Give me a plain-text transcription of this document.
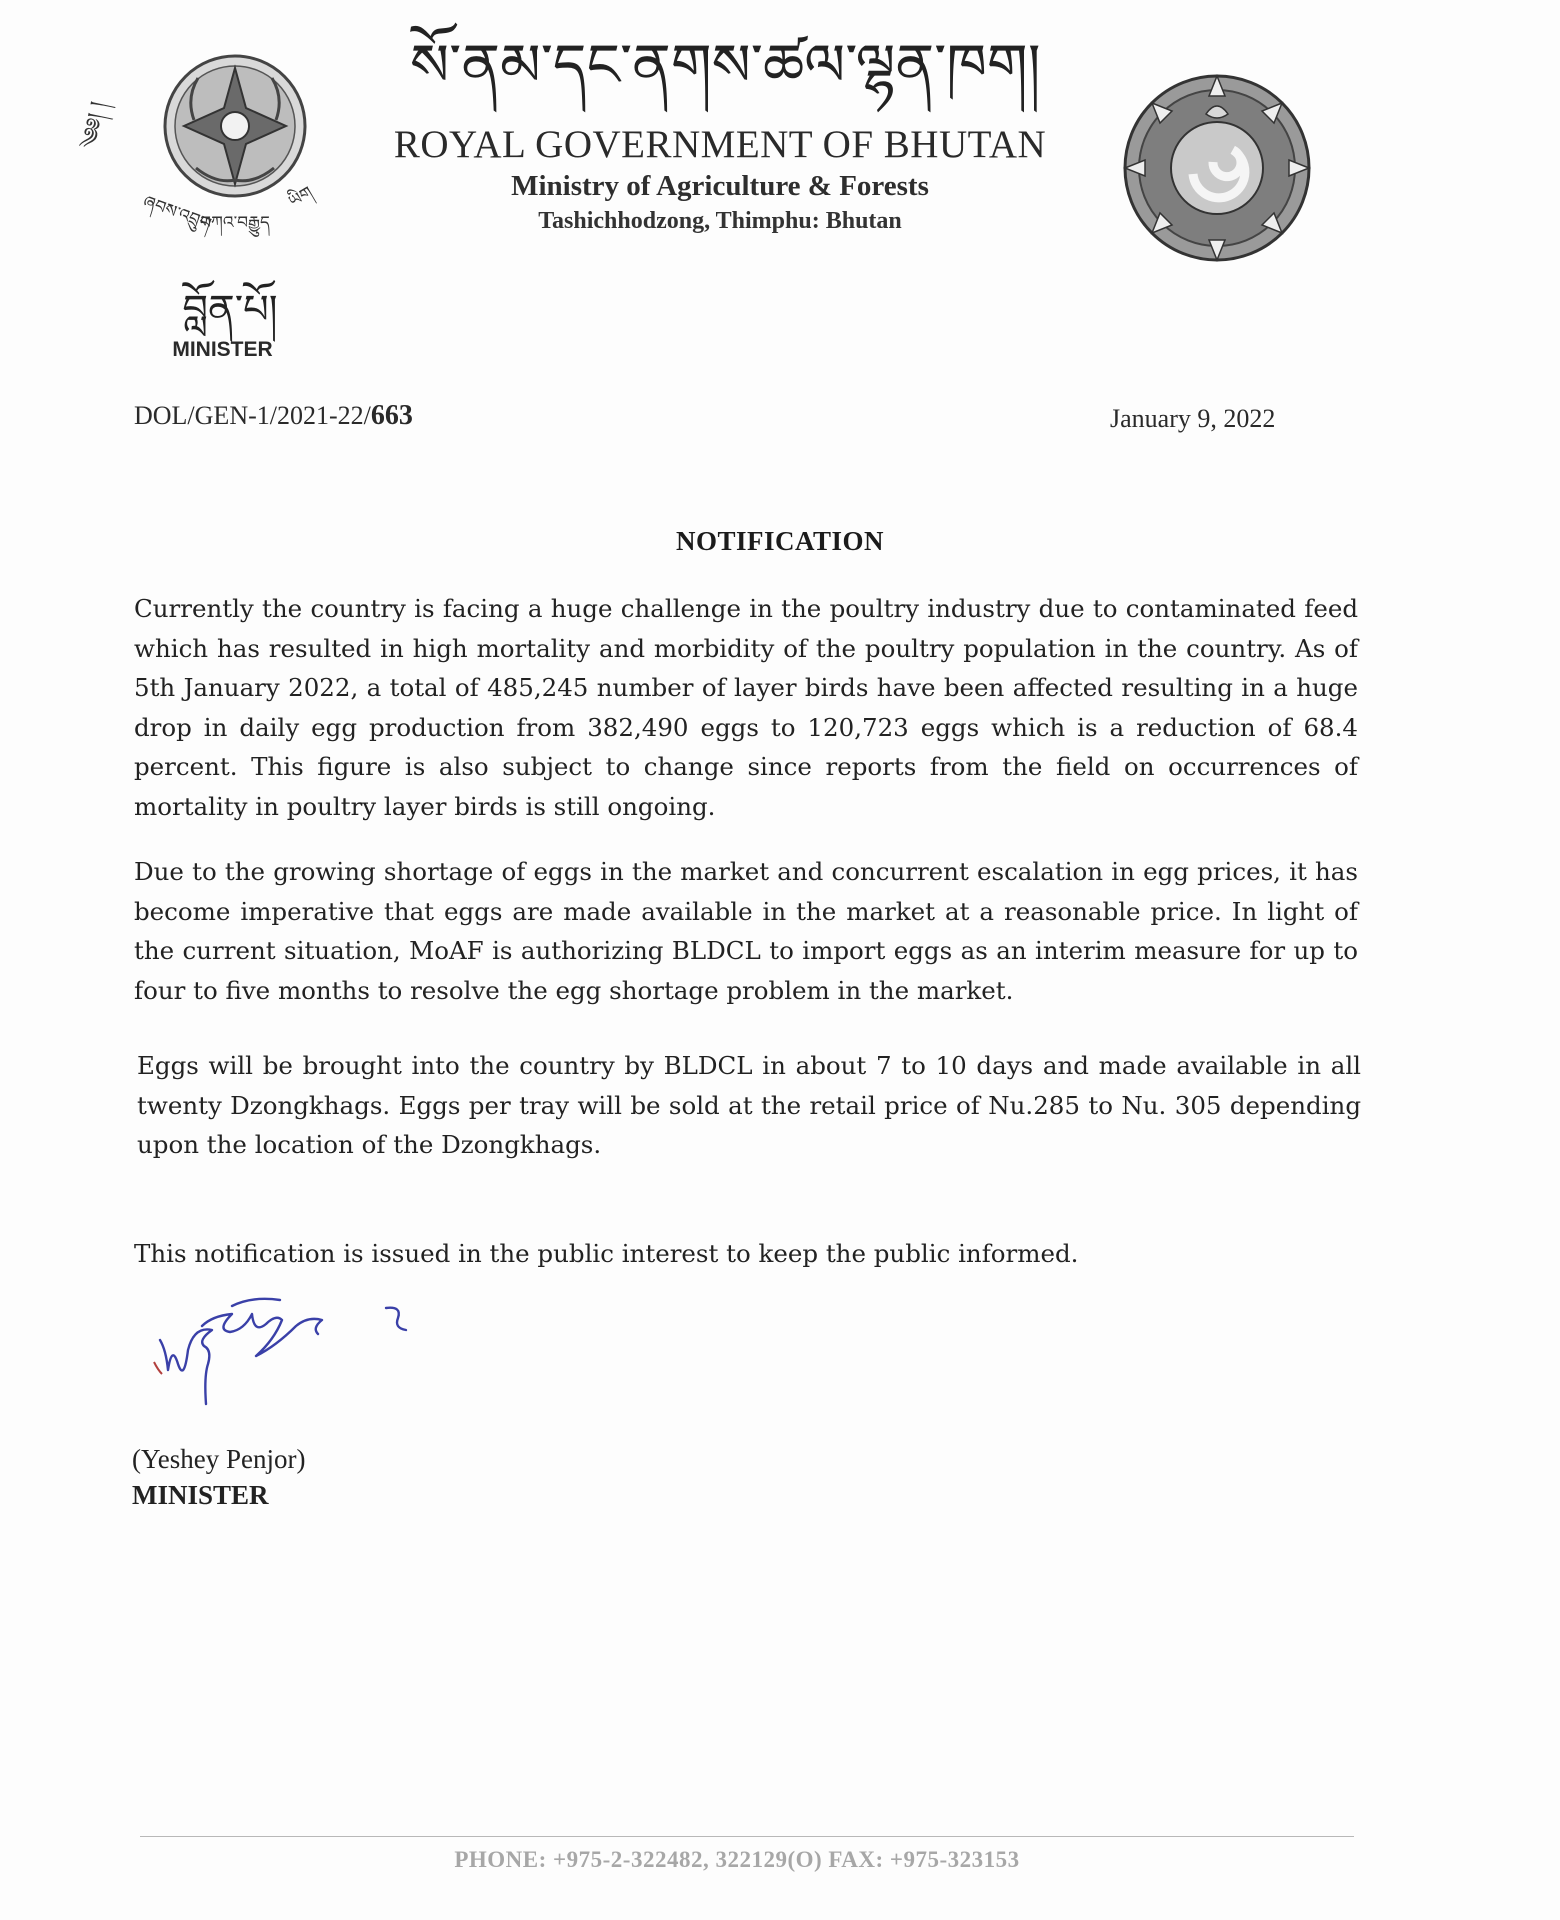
༄༅། །
ཞབས་འབྲུག
བཀའ་བརྒྱུད
ཡིག
སོ་ནམ་དང་ནགས་ཚལ་ལྷན་ཁག།
ROYAL GOVERNMENT OF BHUTAN
Ministry of Agriculture & Forests
Tashichhodzong, Thimphu: Bhutan
བློན་པོ།
MINISTER
DOL/GEN-1/2021-22/663	January 9, 2022
NOTIFICATION
Currently the country is facing a huge challenge in the poultry industry due to contaminated feed which has resulted in high mortality and morbidity of the poultry population in the country. As of 5th January 2022, a total of 485,245 number of layer birds have been affected resulting in a huge drop in daily egg production from 382,490 eggs to 120,723 eggs which is a reduction of 68.4 percent. This figure is also subject to change since reports from the field on occurrences of mortality in poultry layer birds is still ongoing.
Due to the growing shortage of eggs in the market and concurrent escalation in egg prices, it has become imperative that eggs are made available in the market at a reasonable price. In light of the current situation, MoAF is authorizing BLDCL to import eggs as an interim measure for up to four to five months to resolve the egg shortage problem in the market.
Eggs will be brought into the country by BLDCL in about 7 to 10 days and made available in all twenty Dzongkhags. Eggs per tray will be sold at the retail price of Nu.285 to Nu. 305 depending upon the location of the Dzongkhags.
This notification is issued in the public interest to keep the public informed.
(Yeshey Penjor)
MINISTER
PHONE: +975-2-322482, 322129(O) FAX: +975-323153
